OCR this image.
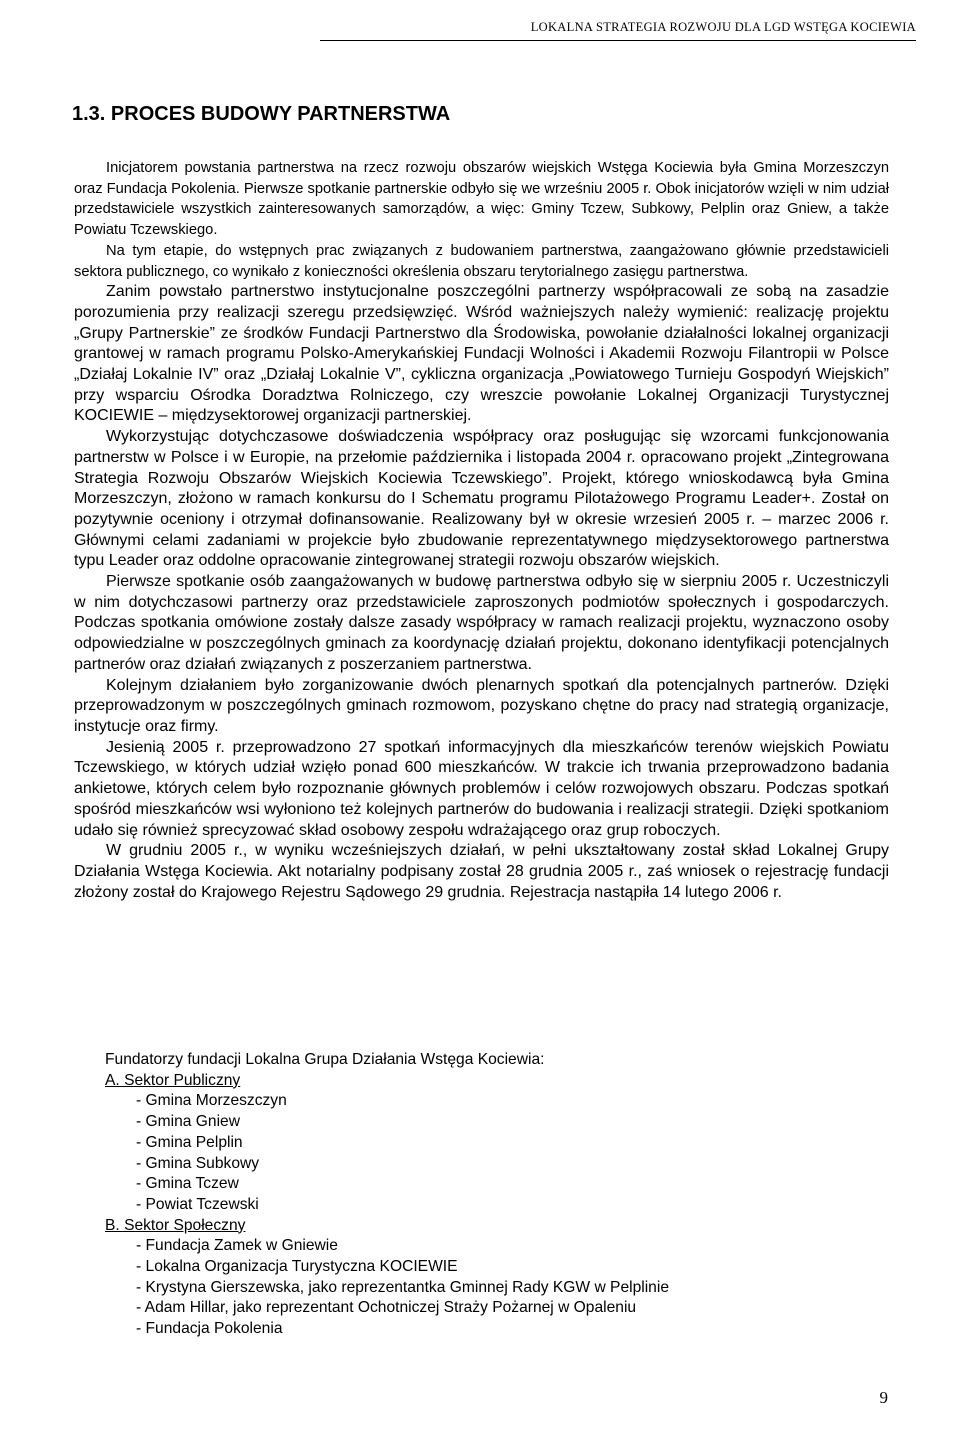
LOKALNA STRATEGIA ROZWOJU DLA LGD WSTĘGA KOCIEWIA
1.3. PROCES BUDOWY PARTNERSTWA

Inicjatorem powstania partnerstwa na rzecz rozwoju obszarów wiejskich Wstęga Kociewia była Gmina Morzeszczyn oraz Fundacja Pokolenia. Pierwsze spotkanie partnerskie odbyło się we wrześniu 2005 r. Obok inicjatorów wzięli w nim udział przedstawiciele wszystkich zainteresowanych samorządów, a więc: Gminy Tczew, Subkowy, Pelplin oraz Gniew, a także Powiatu Tczewskiego.

Na tym etapie, do wstępnych prac związanych z budowaniem partnerstwa, zaangażowano głównie przedstawicieli sektora publicznego, co wynikało z konieczności określenia obszaru terytorialnego zasięgu partnerstwa.

Zanim powstało partnerstwo instytucjonalne poszczególni partnerzy współpracowali ze sobą na zasadzie porozumienia przy realizacji szeregu przedsięwzięć. Wśród ważniejszych należy wymienić: realizację projektu „Grupy Partnerskie” ze środków Fundacji Partnerstwo dla Środowiska, powołanie działalności lokalnej organizacji grantowej w ramach programu Polsko-Amerykańskiej Fundacji Wolności i Akademii Rozwoju Filantropii w Polsce „Działaj Lokalnie IV” oraz „Działaj Lokalnie V”, cykliczna organizacja „Powiatowego Turnieju Gospodyń Wiejskich” przy wsparciu Ośrodka Doradztwa Rolniczego, czy wreszcie powołanie Lokalnej Organizacji Turystycznej KOCIEWIE – międzysektorowej organizacji partnerskiej.

Wykorzystując dotychczasowe doświadczenia współpracy oraz posługując się wzorcami funkcjonowania partnerstw w Polsce i w Europie, na przełomie października i listopada 2004 r. opracowano projekt „Zintegrowana Strategia Rozwoju Obszarów Wiejskich Kociewia Tczewskiego”. Projekt, którego wnioskodawcą była Gmina Morzeszczyn, złożono w ramach konkursu do I Schematu programu Pilotażowego Programu Leader+. Został on pozytywnie oceniony i otrzymał dofinansowanie. Realizowany był w okresie wrzesień 2005 r. – marzec 2006 r. Głównymi celami zadaniami w projekcie było zbudowanie reprezentatywnego międzysektorowego partnerstwa typu Leader oraz oddolne opracowanie zintegrowanej strategii rozwoju obszarów wiejskich.

Pierwsze spotkanie osób zaangażowanych w budowę partnerstwa odbyło się w sierpniu 2005 r. Uczestniczyli w nim dotychczasowi partnerzy oraz przedstawiciele zaproszonych podmiotów społecznych i gospodarczych. Podczas spotkania omówione zostały dalsze zasady współpracy w ramach realizacji projektu, wyznaczono osoby odpowiedzialne w poszczególnych gminach za koordynację działań projektu, dokonano identyfikacji potencjalnych partnerów oraz działań związanych z poszerzaniem partnerstwa.

Kolejnym działaniem było zorganizowanie dwóch plenarnych spotkań dla potencjalnych partnerów. Dzięki przeprowadzonym w poszczególnych gminach rozmowom, pozyskano chętne do pracy nad strategią organizacje, instytucje oraz firmy.

Jesienią 2005 r. przeprowadzono 27 spotkań informacyjnych dla mieszkańców terenów wiejskich Powiatu Tczewskiego, w których udział wzięło ponad 600 mieszkańców. W trakcie ich trwania przeprowadzono badania ankietowe, których celem było rozpoznanie głównych problemów i celów rozwojowych obszaru. Podczas spotkań spośród mieszkańców wsi wyłoniono też kolejnych partnerów do budowania i realizacji strategii. Dzięki spotkaniom udało się również sprecyzować skład osobowy zespołu wdrażającego oraz grup roboczych.

W grudniu 2005 r., w wyniku wcześniejszych działań, w pełni ukształtowany został skład Lokalnej Grupy Działania Wstęga Kociewia. Akt notarialny podpisany został 28 grudnia 2005 r., zaś wniosek o rejestrację fundacji złożony został do Krajowego Rejestru Sądowego 29 grudnia. Rejestracja nastąpiła 14 lutego 2006 r.

Fundatorzy fundacji Lokalna Grupa Działania Wstęga Kociewia:

A. Sektor Publiczny

- Gmina Morzeszczyn
- Gmina Gniew
- Gmina Pelplin
- Gmina Subkowy
- Gmina Tczew
- Powiat Tczewski

B. Sektor Społeczny

- Fundacja Zamek w Gniewie
- Lokalna Organizacja Turystyczna KOCIEWIE
- Krystyna Gierszewska, jako reprezentantka Gminnej Rady KGW w Pelplinie
- Adam Hillar, jako reprezentant Ochotniczej Straży Pożarnej w Opaleniu
- Fundacja Pokolenia
9
